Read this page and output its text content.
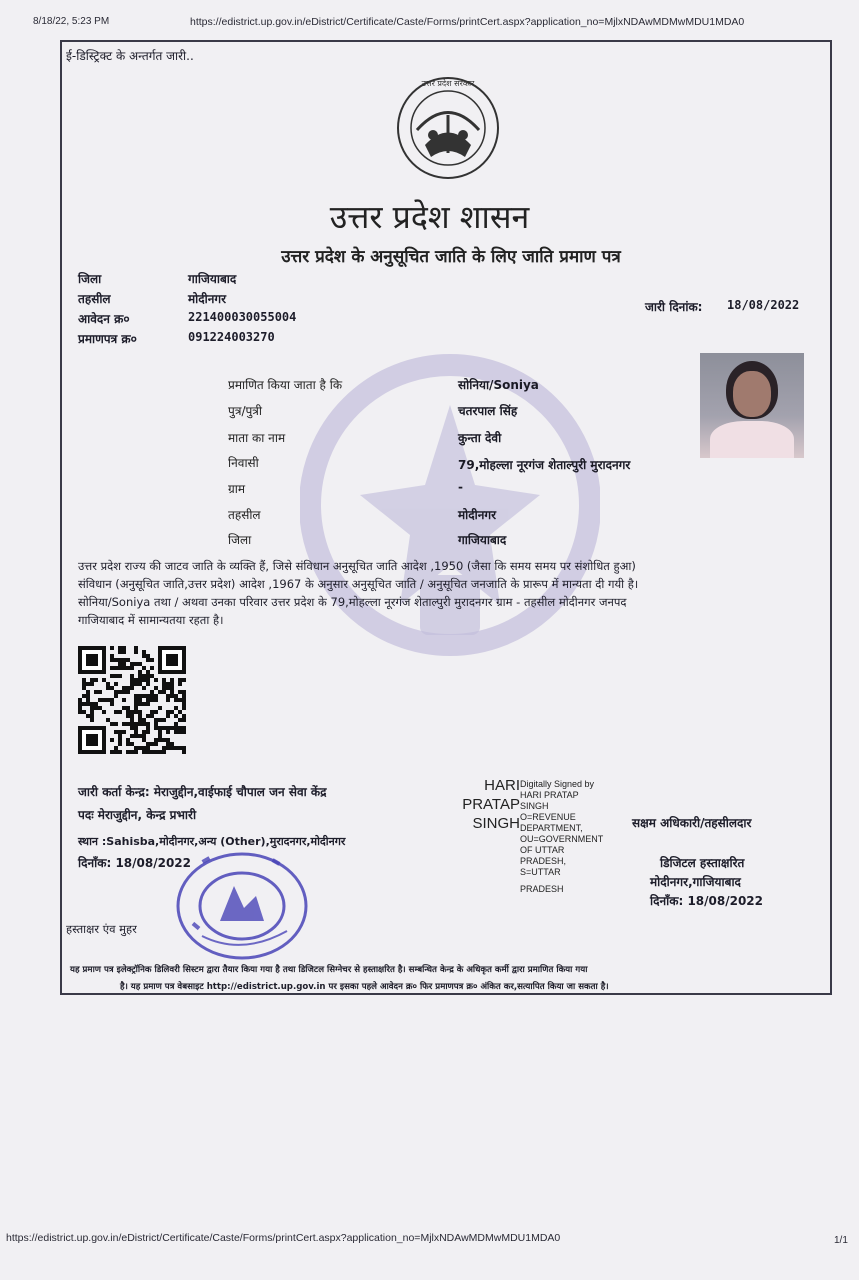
8/18/22, 5:23 PM	https://edistrict.up.gov.in/eDistrict/Certificate/Caste/Forms/printCert.aspx?application_no=MjlxNDAwMDMwMDU1MDA0
ई-डिस्ट्रिक्ट के अन्तर्गत जारी..
उत्तर प्रदेश सरकार
उत्तर प्रदेश शासन
उत्तर प्रदेश के अनुसूचित जाति के लिए जाति प्रमाण पत्र
जिला	गाजियाबाद
तहसील	मोदीनगर
आवेदन क्र०	221400030055004
प्रमाणपत्र क्र०	091224003270
जारी दिनांक: 18/08/2022
प्रमाणित किया जाता है कि	सोनिया/Soniya
पुत्र/पुत्री	चतरपाल सिंह
माता का नाम	कुन्ता देवी
निवासी	79,मोहल्ला नूरगंज शेताल्पुरी मुरादनगर
ग्राम	-
तहसील	मोदीनगर
जिला	गाजियाबाद
उत्तर प्रदेश राज्य की जाटव जाति के व्यक्ति हैं, जिसे संविधान अनुसूचित जाति आदेश ,1950 (जैसा कि समय समय पर संशोधित हुआ)
संविधान (अनुसूचित जाति,उत्तर प्रदेश) आदेश ,1967 के अनुसार अनुसूचित जाति / अनुसूचित जनजाति के प्रारूप में मान्यता दी गयी है।
सोनिया/Soniya तथा / अथवा उनका परिवार उत्तर प्रदेश के 79,मोहल्ला नूरगंज शेताल्पुरी मुरादनगर ग्राम - तहसील मोदीनगर जनपद
गाजियाबाद में सामान्यतया रहता है।
जारी कर्ता केन्द्र: मेराजुद्दीन,वाईफाई चौपाल जन सेवा केंद्र
पदः मेराजुद्दीन, केन्द्र प्रभारी
स्थान :Sahisba,मोदीनगर,अन्य (Other),मुरादनगर,मोदीनगर
दिनाँक: 18/08/2022
हस्ताक्षर एंव मुहर
HARI
PRATAP
SINGH
Digitally Signed by
HARI PRATAP
SINGH
O=REVENUE
DEPARTMENT,
OU=GOVERNMENT
OF UTTAR
PRADESH,
S=UTTAR
PRADESH
सक्षम अधिकारी/तहसीलदार
डिजिटल हस्ताक्षरित
मोदीनगर,गाजियाबाद
दिनाँक: 18/08/2022
यह प्रमाण पत्र इलेक्ट्रॉनिक डिलिवरी सिस्टम द्वारा तैयार किया गया है तथा डिजिटल सिग्नेचर से हस्ताक्षरित है। सम्बन्धित केन्द्र के अधिकृत कर्मी द्वारा प्रमाणित किया गया
है। यह प्रमाण पत्र वेबसाइट http://edistrict.up.gov.in पर इसका पहले आवेदन क्र० फिर प्रमाणपत्र क्र० अंकित कर,सत्यापित किया जा सकता है।
https://edistrict.up.gov.in/eDistrict/Certificate/Caste/Forms/printCert.aspx?application_no=MjlxNDAwMDMwMDU1MDA0	1/1
